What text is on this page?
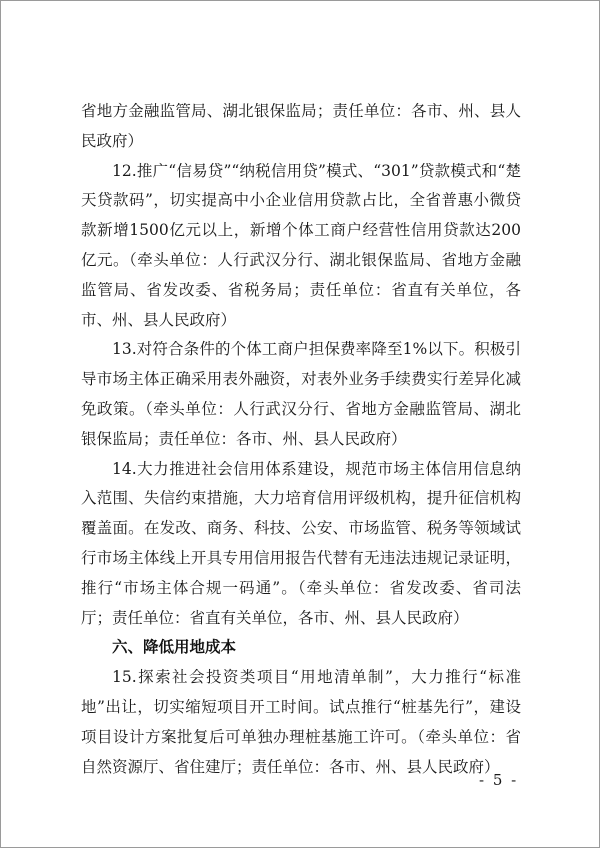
省地方金融监管局、湖北银保监局；责任单位：各市、州、县人民政府）

12.推广“信易贷”“纳税信用贷”模式、“301”贷款模式和“楚天贷款码”，切实提高中小企业信用贷款占比，全省普惠小微贷款新增1500亿元以上，新增个体工商户经营性信用贷款达200亿元。（牵头单位：人行武汉分行、湖北银保监局、省地方金融监管局、省发改委、省税务局；责任单位：省直有关单位，各市、州、县人民政府）

13.对符合条件的个体工商户担保费率降至1%以下。积极引导市场主体正确采用表外融资，对表外业务手续费实行差异化减免政策。（牵头单位：人行武汉分行、省地方金融监管局、湖北银保监局；责任单位：各市、州、县人民政府）

14.大力推进社会信用体系建设，规范市场主体信用信息纳入范围、失信约束措施，大力培育信用评级机构，提升征信机构覆盖面。在发改、商务、科技、公安、市场监管、税务等领域试行市场主体线上开具专用信用报告代替有无违法违规记录证明，推行“市场主体合规一码通”。（牵头单位：省发改委、省司法厅；责任单位：省直有关单位，各市、州、县人民政府）

六、降低用地成本

15.探索社会投资类项目“用地清单制”，大力推行“标准地”出让，切实缩短项目开工时间。试点推行“桩基先行”，建设项目设计方案批复后可单独办理桩基施工许可。（牵头单位：省自然资源厅、省住建厅；责任单位：各市、州、县人民政府）

- 5 -
